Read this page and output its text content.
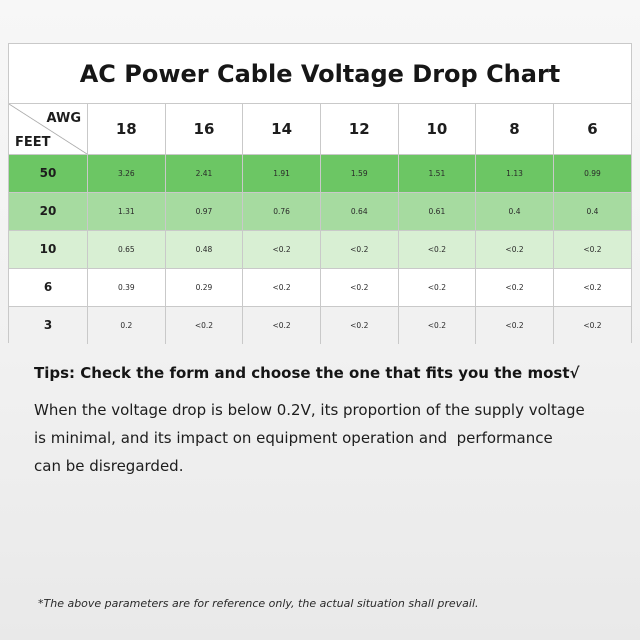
AC Power Cable Voltage Drop Chart
AWG
FEET	18	16	14	12	10	8	6
50	3.26	2.41	1.91	1.59	1.51	1.13	0.99
20	1.31	0.97	0.76	0.64	0.61	0.4	0.4
10	0.65	0.48	<0.2	<0.2	<0.2	<0.2	<0.2
6	0.39	0.29	<0.2	<0.2	<0.2	<0.2	<0.2
3	0.2	<0.2	<0.2	<0.2	<0.2	<0.2	<0.2
Tips: Check the form and choose the one that fits you the most√
When the voltage drop is below 0.2V, its proportion of the supply voltage
is minimal, and its impact on equipment operation and  performance
can be disregarded.
*The above parameters are for reference only, the actual situation shall prevail.
